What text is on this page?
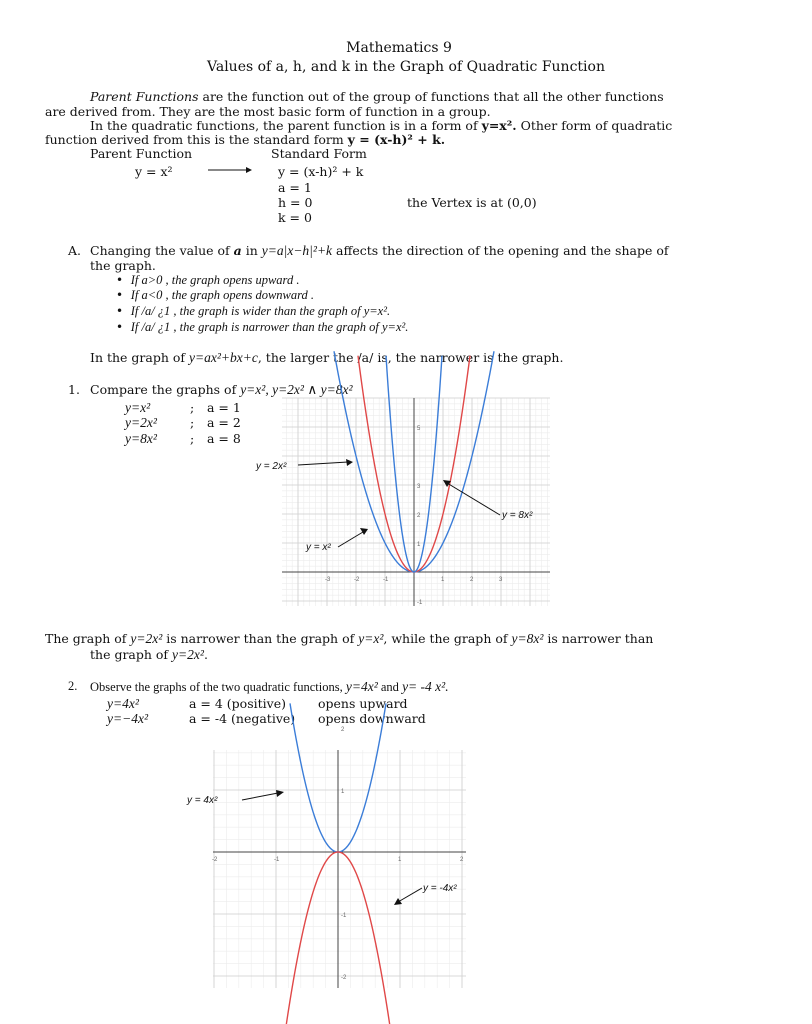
Mathematics 9
Values of a, h, and k in the Graph of Quadratic Function
Parent Functions are the function out of the group of functions that all the other functions
are derived from. They are the most basic form of function in a group.
In the quadratic functions, the parent function is in a form of y=x². Other form of quadratic
function derived from this is the standard form y = (x-h)² + k.
Parent Function	Standard Form
y = x²	y = (x-h)² + k
a = 1
h = 0	the Vertex is at (0,0)
k = 0
A. Changing the value of a in y=a|x−h|²+k affects the direction of the opening and the shape of
the graph.
•  If a>0 , the graph opens upward .
•  If a<0 , the graph opens downward .
•  If /a/ ¿1 , the graph is wider than the graph of y=x².
•  If /a/ ¿1 , the graph is narrower than the graph of y=x².
In the graph of y=ax²+bx+c, the larger the /a/ is, the narrower is the graph.
1. Compare the graphs of y=x², y=2x² ∧ y=8x²
y=x²	; a = 1
y=2x²	; a = 2
y=8x²	; a = 8
-3	-2	-1	1	2	3
-1
1
2
3
5
y = 2x²
y = 8x²
y = x²
The graph of y=2x² is narrower than the graph of y=x², while the graph of y=8x² is narrower than
the graph of y=2x².
2. Observe the graphs of the two quadratic functions, y=4x² and y= -4 x².
y=4x²	a = 4 (positive)	opens upward
y=−4x²	a = -4 (negative) opens downward
-2	-1	1	2
-2
-1
1
2
y = 4x²
y = -4x²
